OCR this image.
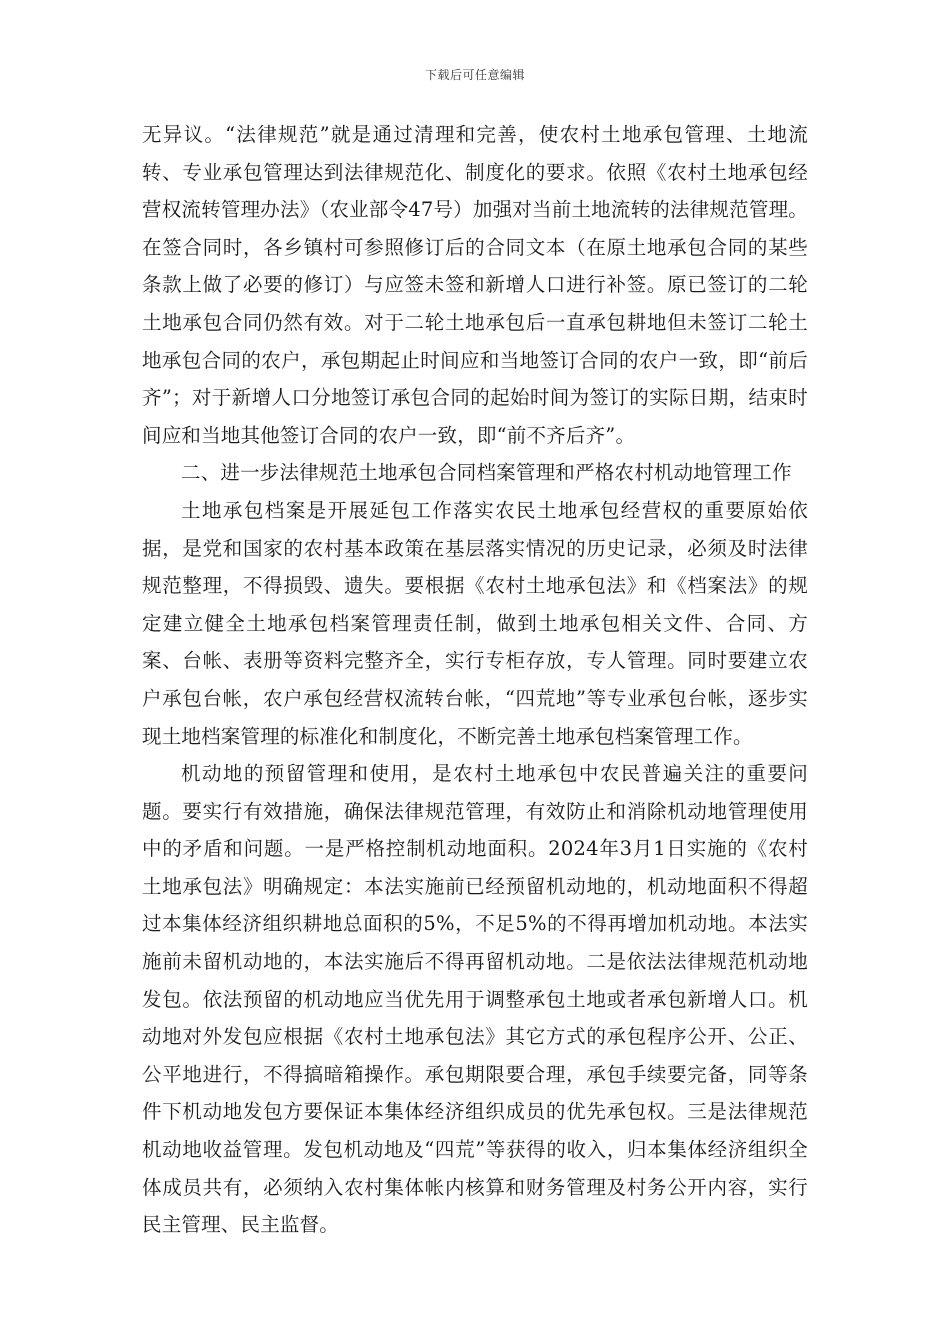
下载后可任意编辑

无异议。“法律规范”就是通过清理和完善，使农村土地承包管理、土地流转、专业承包管理达到法律规范化、制度化的要求。依照《农村土地承包经营权流转管理办法》（农业部令47号）加强对当前土地流转的法律规范管理。在签合同时，各乡镇村可参照修订后的合同文本（在原土地承包合同的某些条款上做了必要的修订）与应签未签和新增人口进行补签。原已签订的二轮土地承包合同仍然有效。对于二轮土地承包后一直承包耕地但未签订二轮土地承包合同的农户，承包期起止时间应和当地签订合同的农户一致，即“前后齐”；对于新增人口分地签订承包合同的起始时间为签订的实际日期，结束时间应和当地其他签订合同的农户一致，即“前不齐后齐”。

二、进一步法律规范土地承包合同档案管理和严格农村机动地管理工作

土地承包档案是开展延包工作落实农民土地承包经营权的重要原始依据，是党和国家的农村基本政策在基层落实情况的历史记录，必须及时法律规范整理，不得损毁、遗失。要根据《农村土地承包法》和《档案法》的规定建立健全土地承包档案管理责任制，做到土地承包相关文件、合同、方案、台帐、表册等资料完整齐全，实行专柜存放，专人管理。同时要建立农户承包台帐，农户承包经营权流转台帐，“四荒地”等专业承包台帐，逐步实现土地档案管理的标准化和制度化，不断完善土地承包档案管理工作。

机动地的预留管理和使用，是农村土地承包中农民普遍关注的重要问题。要实行有效措施，确保法律规范管理，有效防止和消除机动地管理使用中的矛盾和问题。一是严格控制机动地面积。2024年3月1日实施的《农村土地承包法》明确规定：本法实施前已经预留机动地的，机动地面积不得超过本集体经济组织耕地总面积的5%，不足5%的不得再增加机动地。本法实施前未留机动地的，本法实施后不得再留机动地。二是依法法律规范机动地发包。依法预留的机动地应当优先用于调整承包土地或者承包新增人口。机动地对外发包应根据《农村土地承包法》其它方式的承包程序公开、公正、公平地进行，不得搞暗箱操作。承包期限要合理，承包手续要完备，同等条件下机动地发包方要保证本集体经济组织成员的优先承包权。三是法律规范机动地收益管理。发包机动地及“四荒”等获得的收入，归本集体经济组织全体成员共有，必须纳入农村集体帐内核算和财务管理及村务公开内容，实行民主管理、民主监督。
